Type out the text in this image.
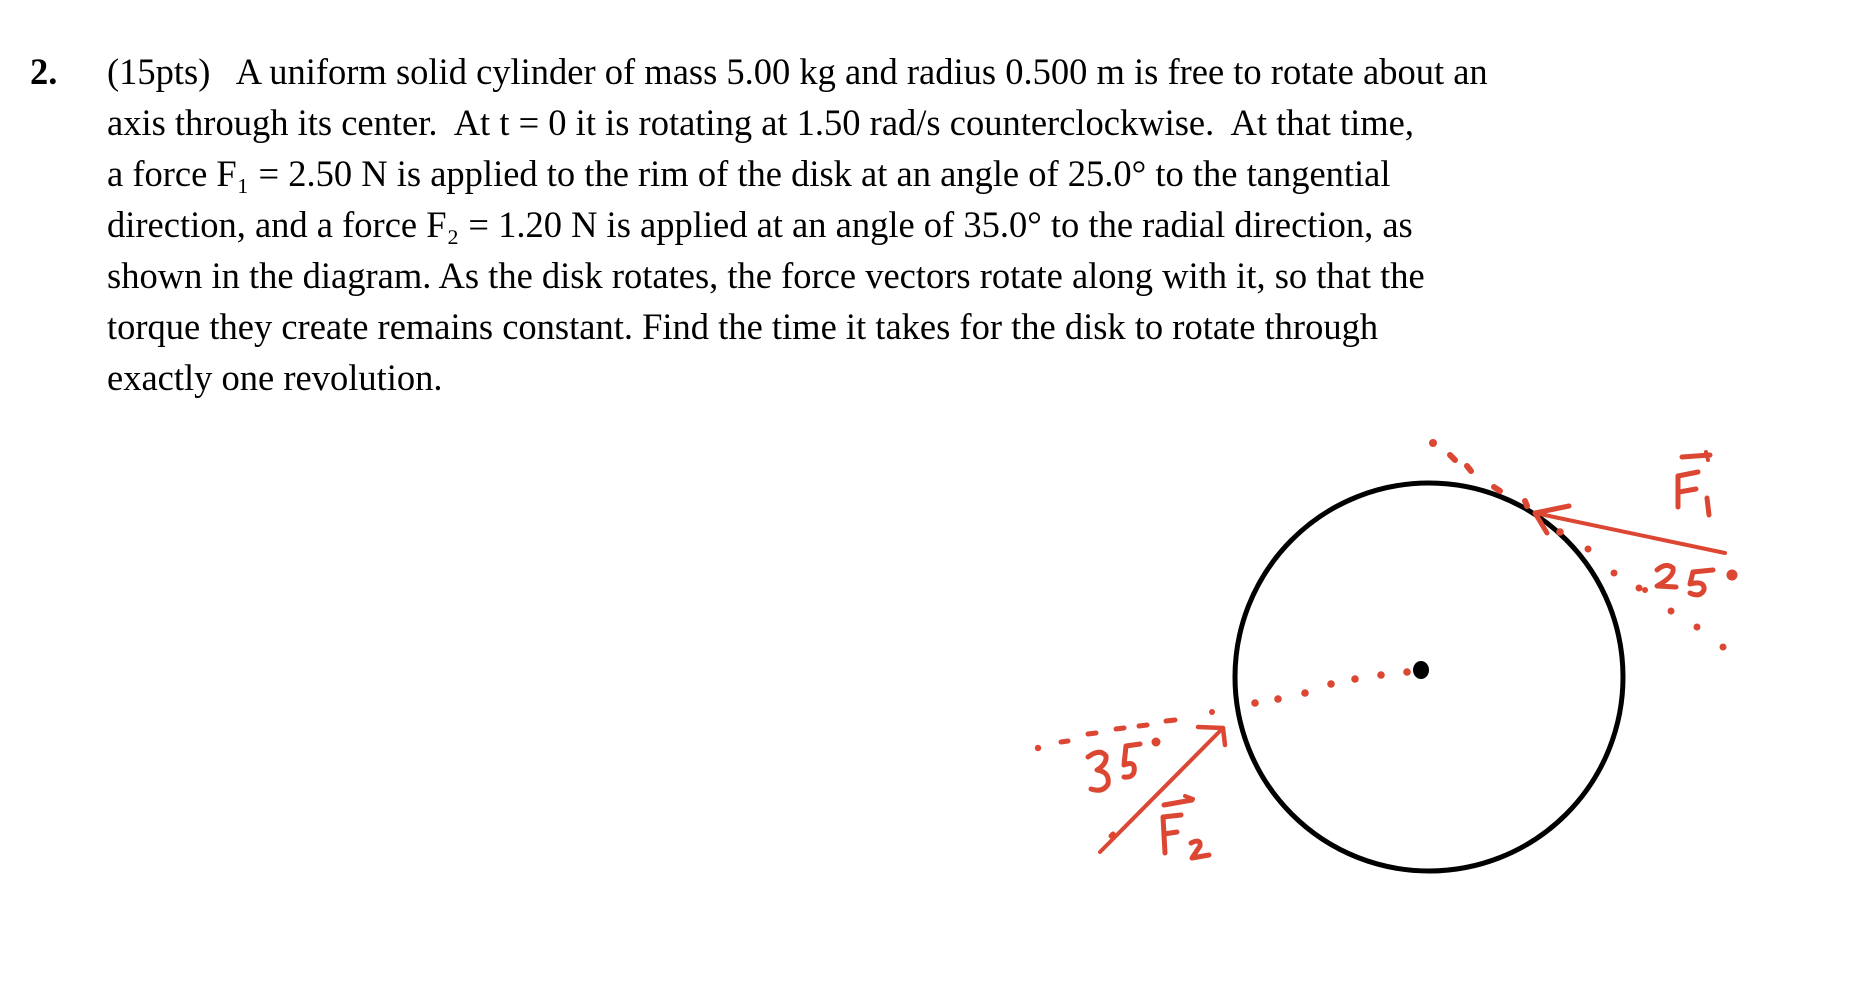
2. (15pts)   A uniform solid cylinder of mass 5.00 kg and radius 0.500 m is free to rotate about an
axis through its center.  At t = 0 it is rotating at 1.50 rad/s counterclockwise.  At that time,
a force F₁ = 2.50 N is applied to the rim of the disk at an angle of 25.0° to the tangential
direction, and a force F₂ = 1.20 N is applied at an angle of 35.0° to the radial direction, as
shown in the diagram. As the disk rotates, the force vectors rotate along with it, so that the
torque they create remains constant. Find the time it takes for the disk to rotate through
exactly one revolution.
